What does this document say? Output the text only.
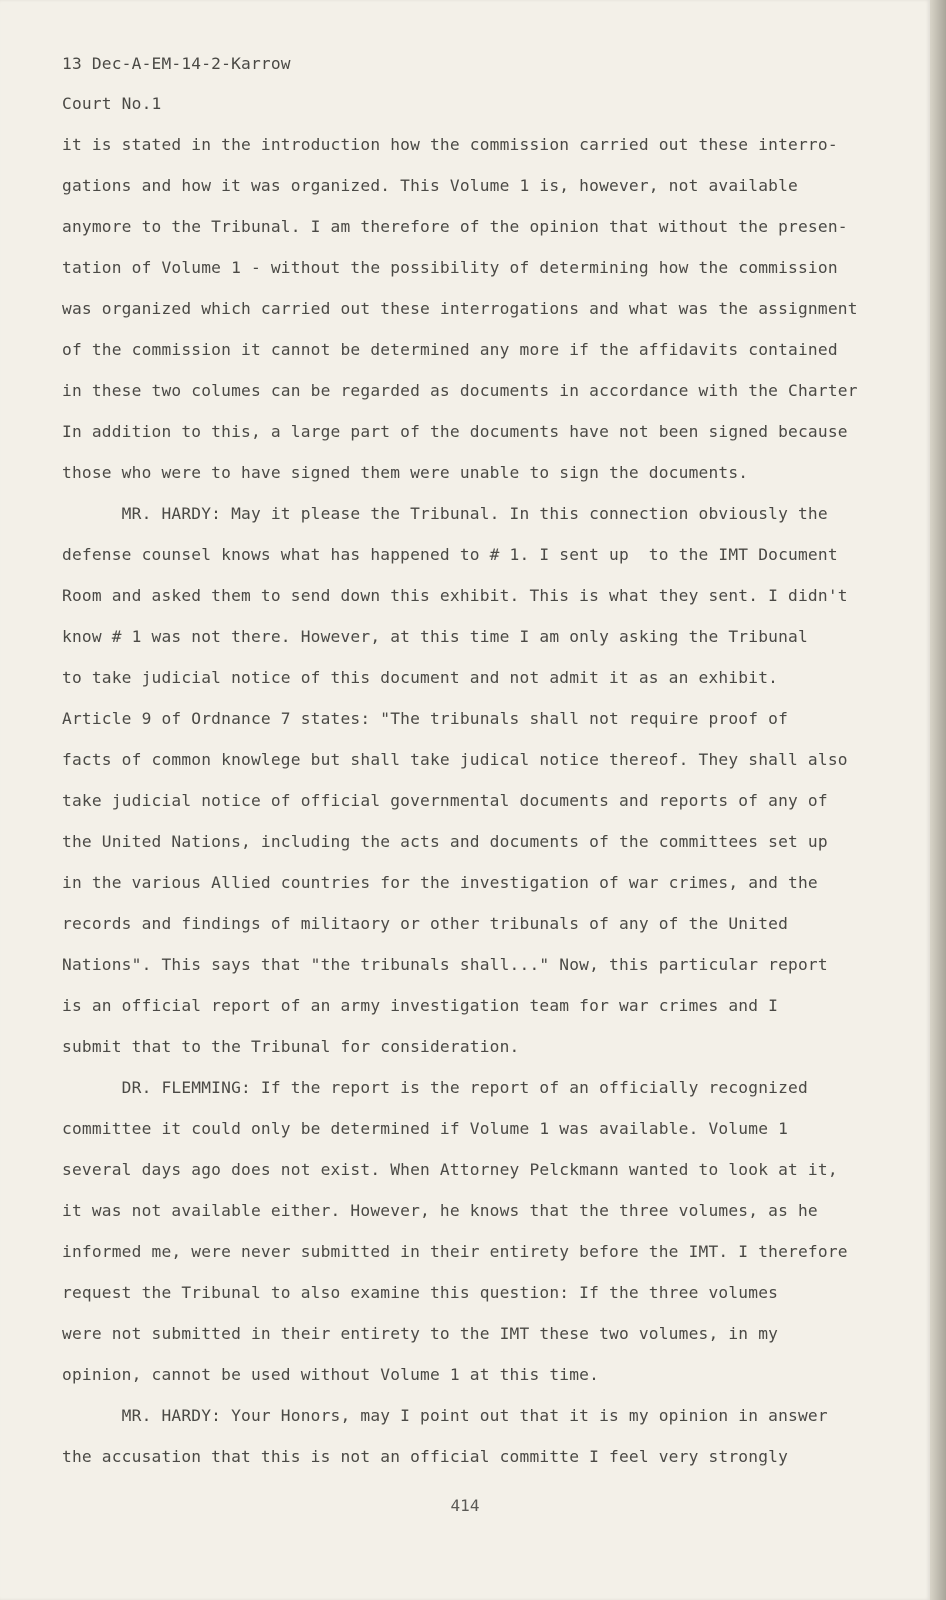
13 Dec-A-EM-14-2-Karrow
Court No.1
it is stated in the introduction how the commission carried out these interro-
gations and how it was organized. This Volume 1 is, however, not available
anymore to the Tribunal. I am therefore of the opinion that without the presen-
tation of Volume 1 - without the possibility of determining how the commission
was organized which carried out these interrogations and what was the assignment
of the commission it cannot be determined any more if the affidavits contained
in these two columes can be regarded as documents in accordance with the Charter
In addition to this, a large part of the documents have not been signed because
those who were to have signed them were unable to sign the documents.
MR. HARDY: May it please the Tribunal. In this connection obviously the
defense counsel knows what has happened to # 1. I sent up  to the IMT Document
Room and asked them to send down this exhibit. This is what they sent. I didn't
know # 1 was not there. However, at this time I am only asking the Tribunal
to take judicial notice of this document and not admit it as an exhibit.
Article 9 of Ordnance 7 states: "The tribunals shall not require proof of
facts of common knowlege but shall take judical notice thereof. They shall also
take judicial notice of official governmental documents and reports of any of
the United Nations, including the acts and documents of the committees set up
in the various Allied countries for the investigation of war crimes, and the
records and findings of militaory or other tribunals of any of the United
Nations". This says that "the tribunals shall..." Now, this particular report
is an official report of an army investigation team for war crimes and I
submit that to the Tribunal for consideration.
DR. FLEMMING: If the report is the report of an officially recognized
committee it could only be determined if Volume 1 was available. Volume 1
several days ago does not exist. When Attorney Pelckmann wanted to look at it,
it was not available either. However, he knows that the three volumes, as he
informed me, were never submitted in their entirety before the IMT. I therefore
request the Tribunal to also examine this question: If the three volumes
were not submitted in their entirety to the IMT these two volumes, in my
opinion, cannot be used without Volume 1 at this time.
MR. HARDY: Your Honors, may I point out that it is my opinion in answer
the accusation that this is not an official committe I feel very strongly
414
